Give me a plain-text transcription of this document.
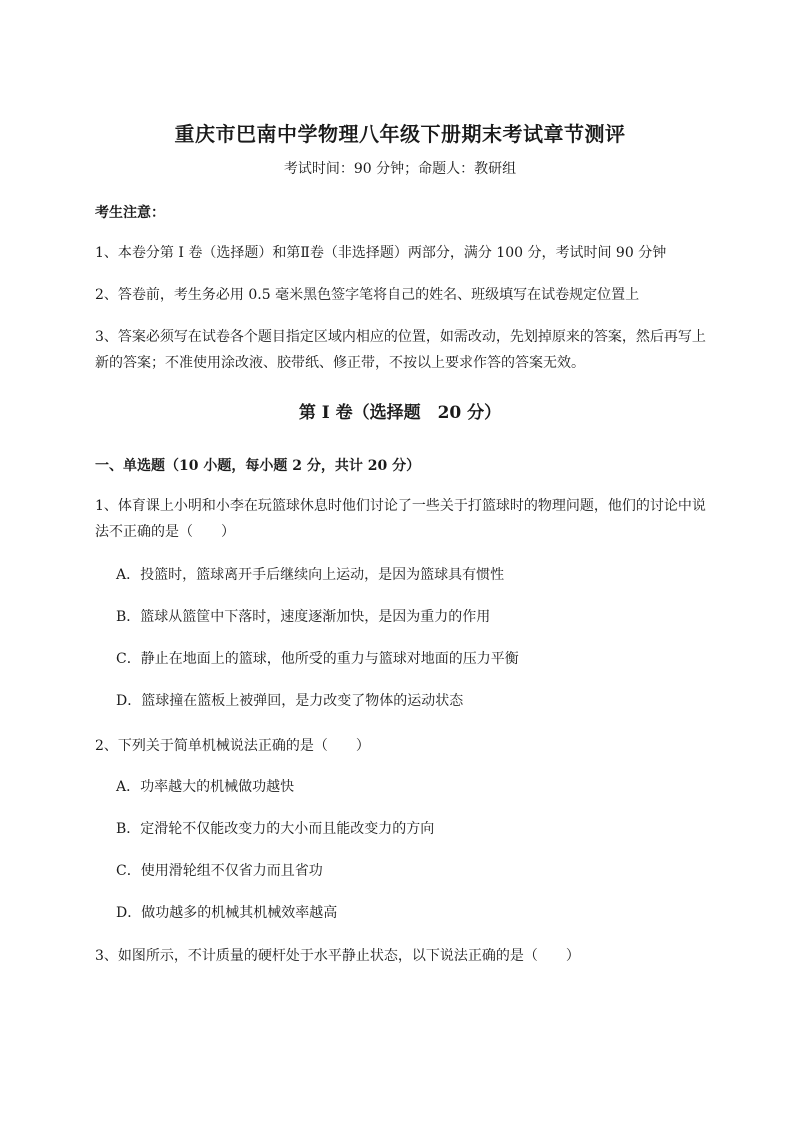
重庆市巴南中学物理八年级下册期末考试章节测评
考试时间：90 分钟；命题人：教研组
考生注意：
1、本卷分第 I 卷（选择题）和第Ⅱ卷（非选择题）两部分，满分 100 分，考试时间 90 分钟
2、答卷前，考生务必用 0.5 毫米黑色签字笔将自己的姓名、班级填写在试卷规定位置上
3、答案必须写在试卷各个题目指定区域内相应的位置，如需改动，先划掉原来的答案，然后再写上新的答案；不准使用涂改液、胶带纸、修正带，不按以上要求作答的答案无效。
第 I 卷（选择题　20 分）
一、单选题（10 小题，每小题 2 分，共计 20 分）
1、体育课上小明和小李在玩篮球休息时他们讨论了一些关于打篮球时的物理问题，他们的讨论中说法不正确的是（　　）
A．投篮时，篮球离开手后继续向上运动，是因为篮球具有惯性
B．篮球从篮筐中下落时，速度逐渐加快，是因为重力的作用
C．静止在地面上的篮球，他所受的重力与篮球对地面的压力平衡
D．篮球撞在篮板上被弹回，是力改变了物体的运动状态
2、下列关于简单机械说法正确的是（　　）
A．功率越大的机械做功越快
B．定滑轮不仅能改变力的大小而且能改变力的方向
C．使用滑轮组不仅省力而且省功
D．做功越多的机械其机械效率越高
3、如图所示，不计质量的硬杆处于水平静止状态，以下说法正确的是（　　）
